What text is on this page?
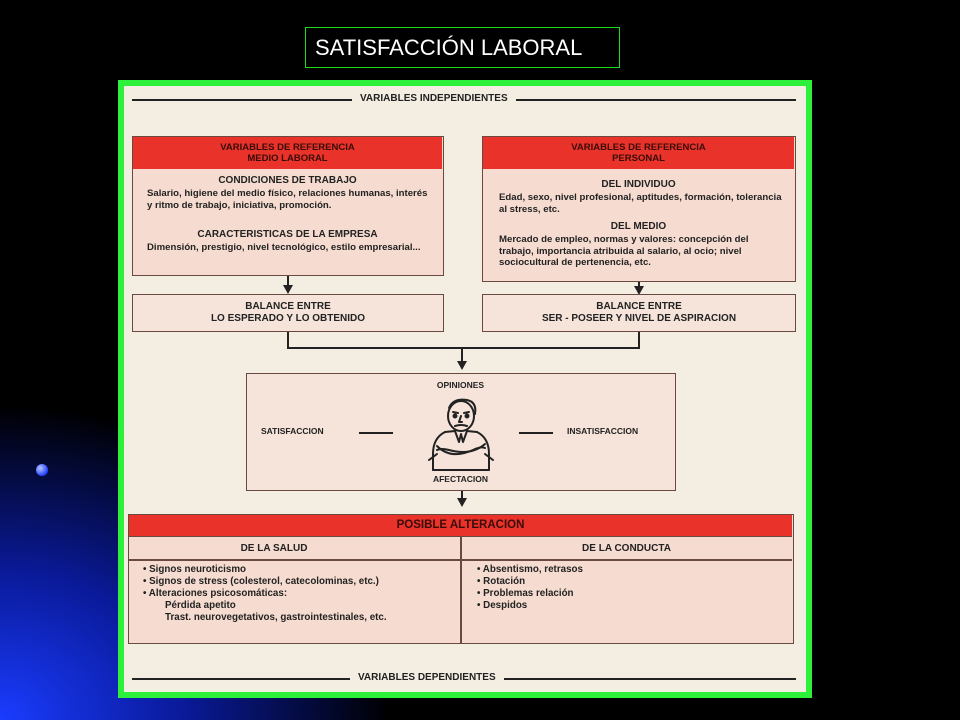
SATISFACCIÓN LABORAL
VARIABLES INDEPENDIENTES
VARIABLES DE REFERENCIA
MEDIO LABORAL
CONDICIONES DE TRABAJO
Salario, higiene del medio físico, relaciones humanas, interés y ritmo de trabajo, iniciativa, promoción.
CARACTERISTICAS DE LA EMPRESA
Dimensión, prestigio, nivel tecnológico, estilo empresarial...
VARIABLES DE REFERENCIA
PERSONAL
DEL INDIVIDUO
Edad, sexo, nivel profesional, aptitudes, formación, tolerancia al stress, etc.
DEL MEDIO
Mercado de empleo, normas y valores: concepción del trabajo, importancia atribuida al salario, al ocio; nivel sociocultural de pertenencia, etc.
BALANCE ENTRE
LO ESPERADO Y LO OBTENIDO
BALANCE ENTRE
SER - POSEER Y NIVEL DE ASPIRACION
OPINIONES
SATISFACCION	INSATISFACCION
AFECTACION
POSIBLE ALTERACION
DE LA SALUD	DE LA CONDUCTA
• Signos neuroticismo
• Signos de stress (colesterol, catecolominas, etc.)
• Alteraciones psicosomáticas:
Pérdida apetito
Trast. neurovegetativos, gastrointestinales, etc.
• Absentismo, retrasos
• Rotación
• Problemas relación
• Despidos
VARIABLES DEPENDIENTES
